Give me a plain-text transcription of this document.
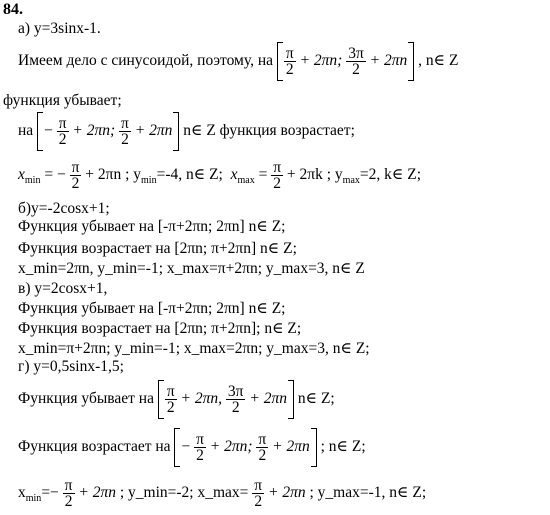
84.
а) y=3sinx-1.
Имеем дело с синусоидой, поэтому, на $\frac{\pi}{2} + 2\pi n$; $\frac{3\pi}{2} + 2\pi n$ , n∈ Z
функция убывает;
на − $\frac{\pi}{2} + 2\pi n$; $\frac{\pi}{2} + 2\pi n$ n∈ Z функция возрастает;
$x_{min}$ = − $\frac{\pi}{2} + 2\pi n$ ; $y_{min}=-4$, n∈ Z; $x_{max} = \frac{\pi}{2} + 2\pi k$ ; $y_{max}=2$, k∈ Z;
б)y=-2cosx+1;
Функция убывает на [-π+2πn; 2πn] n∈ Z;
Функция возрастает на [2πn; π+2πn] n∈ Z;
x_min=2πn, y_min=-1; x_max=π+2πn; y_max=3, n∈ Z
в) y=2cosx+1,
Функция убывает на [-π+2πn; 2πn] n∈ Z;
Функция возрастает на [2πn; π+2πn]; n∈ Z;
x_min=π+2πn; y_min=-1; x_max=2πn; y_max=3, n∈ Z;
г) y=0,5sinx-1,5;
Функция убывает на $\frac{\pi}{2} + 2\pi n$, $\frac{3\pi}{2} + 2\pi n$ n∈ Z;
Функция возрастает на − $\frac{\pi}{2} + 2\pi n$; $\frac{\pi}{2} + 2\pi n$ ; n∈ Z;
$x_{min}=- \frac{\pi}{2} + 2\pi n$ ; y_min=-2; x_max= $\frac{\pi}{2} + 2\pi n$ ; y_max=-1, n∈ Z;
